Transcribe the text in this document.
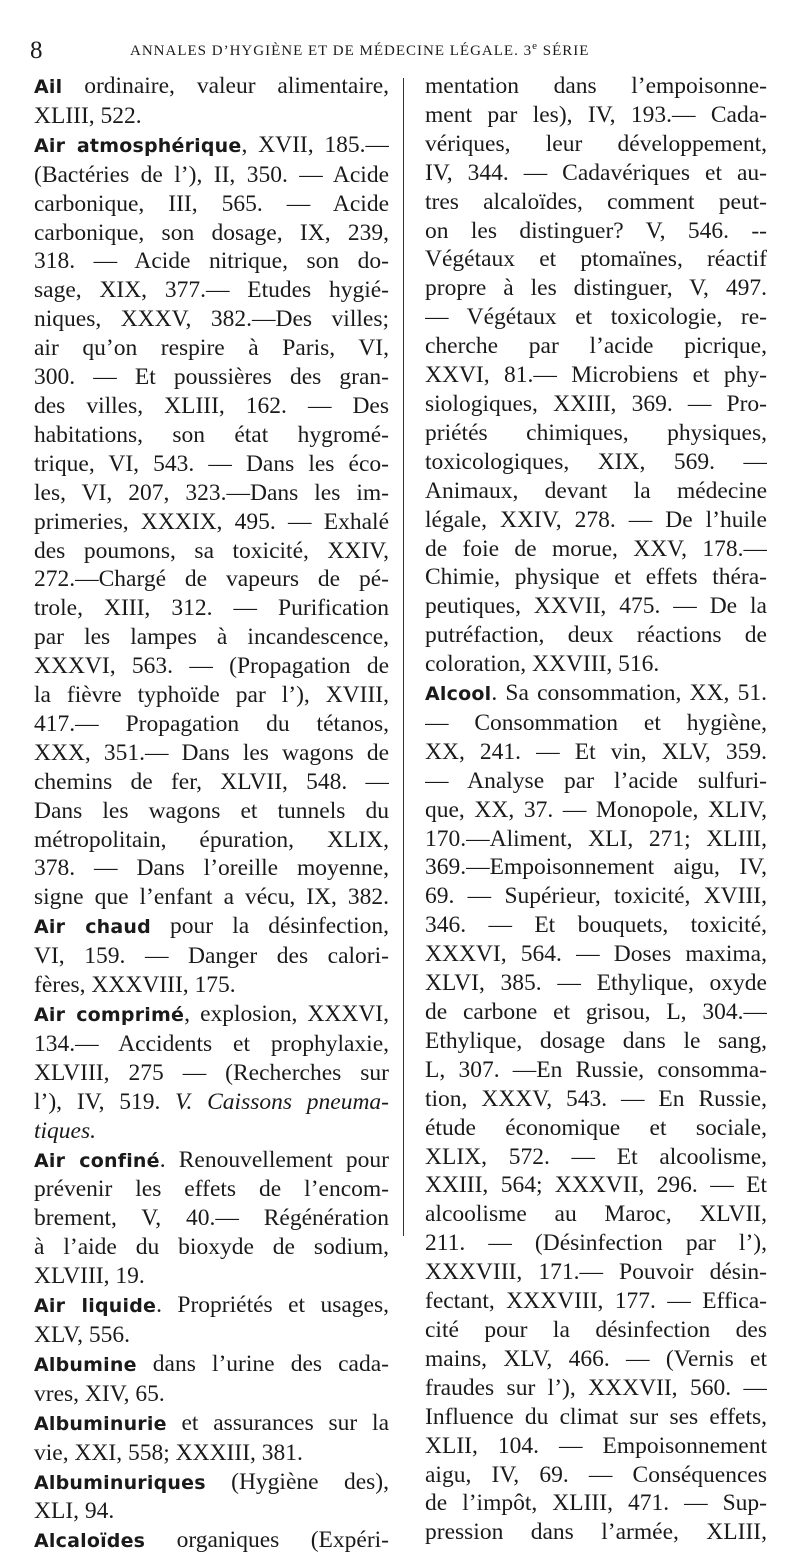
8	ANNALES D’HYGIÈNE ET DE MÉDECINE LÉGALE. 3e SÉRIE
Ail ordinaire, valeur alimentaire,
XLIII, 522.
Air atmosphérique, XVII, 185.—
(Bactéries de l’), II, 350. — Acide
carbonique, III, 565. — Acide
carbonique, son dosage, IX, 239,
318. — Acide nitrique, son do-
sage, XIX, 377.— Etudes hygié-
niques, XXXV, 382.—Des villes;
air qu’on respire à Paris, VI,
300. — Et poussières des gran-
des villes, XLIII, 162. — Des
habitations, son état hygromé-
trique, VI, 543. — Dans les éco-
les, VI, 207, 323.—Dans les im-
primeries, XXXIX, 495. — Exhalé
des poumons, sa toxicité, XXIV,
272.—Chargé de vapeurs de pé-
trole, XIII, 312. — Purification
par les lampes à incandescence,
XXXVI, 563. — (Propagation de
la fièvre typhoïde par l’), XVIII,
417.— Propagation du tétanos,
XXX, 351.— Dans les wagons de
chemins de fer, XLVII, 548. —
Dans les wagons et tunnels du
métropolitain, épuration, XLIX,
378. — Dans l’oreille moyenne,
signe que l’enfant a vécu, IX, 382.
Air chaud pour la désinfection,
VI, 159. — Danger des calori-
fères, XXXVIII, 175.
Air comprimé, explosion, XXXVI,
134.— Accidents et prophylaxie,
XLVIII, 275 — (Recherches sur
l’), IV, 519. V. Caissons pneuma-
tiques.
Air confiné. Renouvellement pour
prévenir les effets de l’encom-
brement, V, 40.— Régénération
à l’aide du bioxyde de sodium,
XLVIII, 19.
Air liquide. Propriétés et usages,
XLV, 556.
Albumine dans l’urine des cada-
vres, XIV, 65.
Albuminurie et assurances sur la
vie, XXI, 558; XXXIII, 381.
Albuminuriques (Hygiène des),
XLI, 94.
Alcaloïdes organiques (Expéri-
mentation dans l’empoisonne-
ment par les), IV, 193.— Cada-
vériques, leur développement,
IV, 344. — Cadavériques et au-
tres alcaloïdes, comment peut-
on les distinguer? V, 546. --
Végétaux et ptomaïnes, réactif
propre à les distinguer, V, 497.
— Végétaux et toxicologie, re-
cherche par l’acide picrique,
XXVI, 81.— Microbiens et phy-
siologiques, XXIII, 369. — Pro-
priétés chimiques, physiques,
toxicologiques, XIX, 569. —
Animaux, devant la médecine
légale, XXIV, 278. — De l’huile
de foie de morue, XXV, 178.—
Chimie, physique et effets théra-
peutiques, XXVII, 475. — De la
putréfaction, deux réactions de
coloration, XXVIII, 516.
Alcool. Sa consommation, XX, 51.
— Consommation et hygiène,
XX, 241. — Et vin, XLV, 359.
— Analyse par l’acide sulfuri-
que, XX, 37. — Monopole, XLIV,
170.—Aliment, XLI, 271; XLIII,
369.—Empoisonnement aigu, IV,
69. — Supérieur, toxicité, XVIII,
346. — Et bouquets, toxicité,
XXXVI, 564. — Doses maxima,
XLVI, 385. — Ethylique, oxyde
de carbone et grisou, L, 304.—
Ethylique, dosage dans le sang,
L, 307. —En Russie, consomma-
tion, XXXV, 543. — En Russie,
étude économique et sociale,
XLIX, 572. — Et alcoolisme,
XXIII, 564; XXXVII, 296. — Et
alcoolisme au Maroc, XLVII,
211. — (Désinfection par l’),
XXXVIII, 171.— Pouvoir désin-
fectant, XXXVIII, 177. — Effica-
cité pour la désinfection des
mains, XLV, 466. — (Vernis et
fraudes sur l’), XXXVII, 560. —
Influence du climat sur ses effets,
XLII, 104. — Empoisonnement
aigu, IV, 69. — Conséquences
de l’impôt, XLIII, 471. — Sup-
pression dans l’armée, XLIII,
